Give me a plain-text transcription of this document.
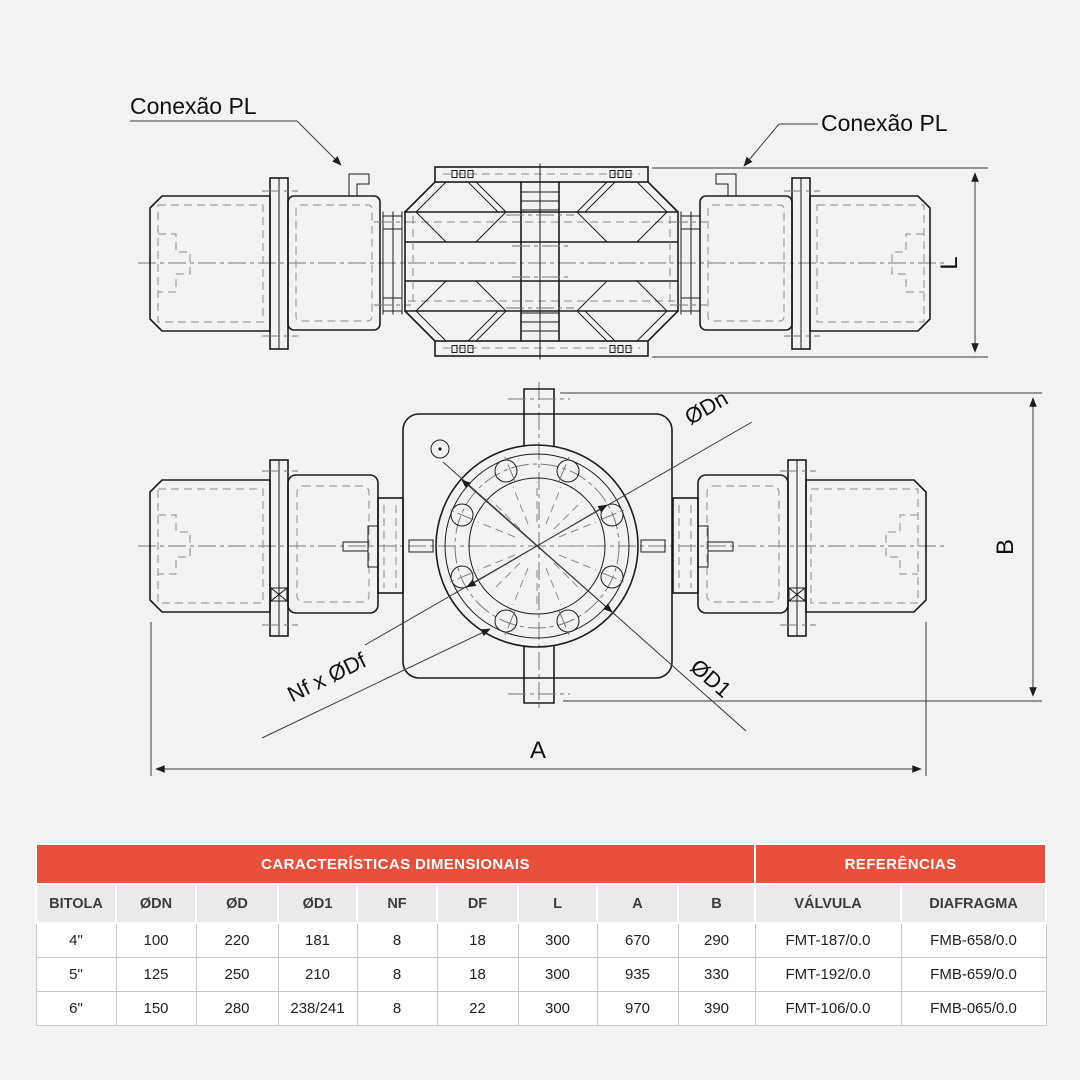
L
Conexão PL
Conexão PL
ØDn
ØD1
Nf x ØDf
B
A
CARACTERÍSTICAS DIMENSIONAIS									REFERÊNCIAS	
BITOLA	ØDN	ØD	ØD1	NF	DF	L	A	B	VÁLVULA	DIAFRAGMA
4"	100	220	181	8	18	300	670	290	FMT-187/0.0	FMB-658/0.0
5"	125	250	210	8	18	300	935	330	FMT-192/0.0	FMB-659/0.0
6"	150	280	238/241	8	22	300	970	390	FMT-106/0.0	FMB-065/0.0
